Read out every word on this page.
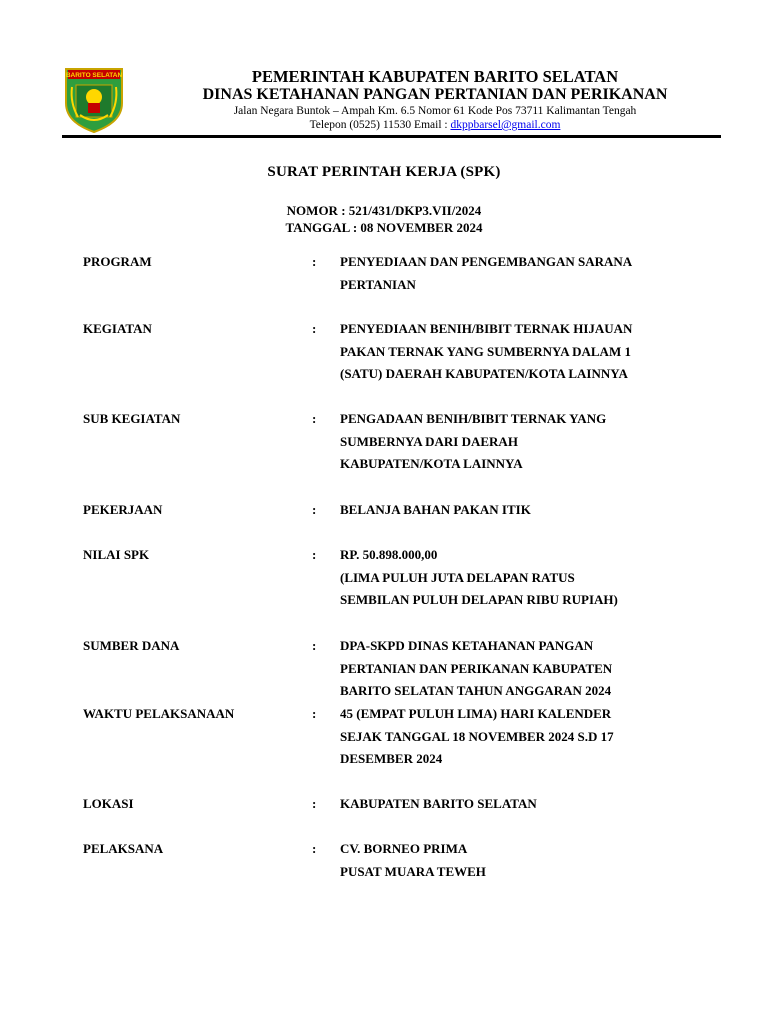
BARITO SELATAN	PEMERINTAH KABUPATEN BARITO SELATAN
DINAS KETAHANAN PANGAN PERTANIAN DAN PERIKANAN
Jalan Negara Buntok – Ampah Km. 6.5 Nomor 61 Kode Pos 73711 Kalimantan Tengah
Telepon (0525) 11530 Email : dkppbarsel@gmail.com
SURAT PERINTAH KERJA (SPK)
NOMOR : 521/431/DKP3.VII/2024
TANGGAL : 08 NOVEMBER 2024
PROGRAM	: PENYEDIAAN DAN PENGEMBANGAN SARANA
PERTANIAN
KEGIATAN	: PENYEDIAAN BENIH/BIBIT TERNAK HIJAUAN
PAKAN TERNAK YANG SUMBERNYA DALAM 1
(SATU) DAERAH KABUPATEN/KOTA LAINNYA
SUB KEGIATAN	: PENGADAAN BENIH/BIBIT TERNAK YANG
SUMBERNYA DARI DAERAH
KABUPATEN/KOTA LAINNYA
PEKERJAAN	: BELANJA BAHAN PAKAN ITIK
NILAI SPK	: RP. 50.898.000,00
(LIMA PULUH JUTA DELAPAN RATUS
SEMBILAN PULUH DELAPAN RIBU RUPIAH)
SUMBER DANA	: DPA-SKPD DINAS KETAHANAN PANGAN
PERTANIAN DAN PERIKANAN KABUPATEN
BARITO SELATAN TAHUN ANGGARAN 2024
WAKTU PELAKSANAAN	: 45 (EMPAT PULUH LIMA) HARI KALENDER
SEJAK TANGGAL 18 NOVEMBER 2024 S.D 17
DESEMBER 2024
LOKASI	: KABUPATEN BARITO SELATAN
PELAKSANA	: CV. BORNEO PRIMA
PUSAT MUARA TEWEH
